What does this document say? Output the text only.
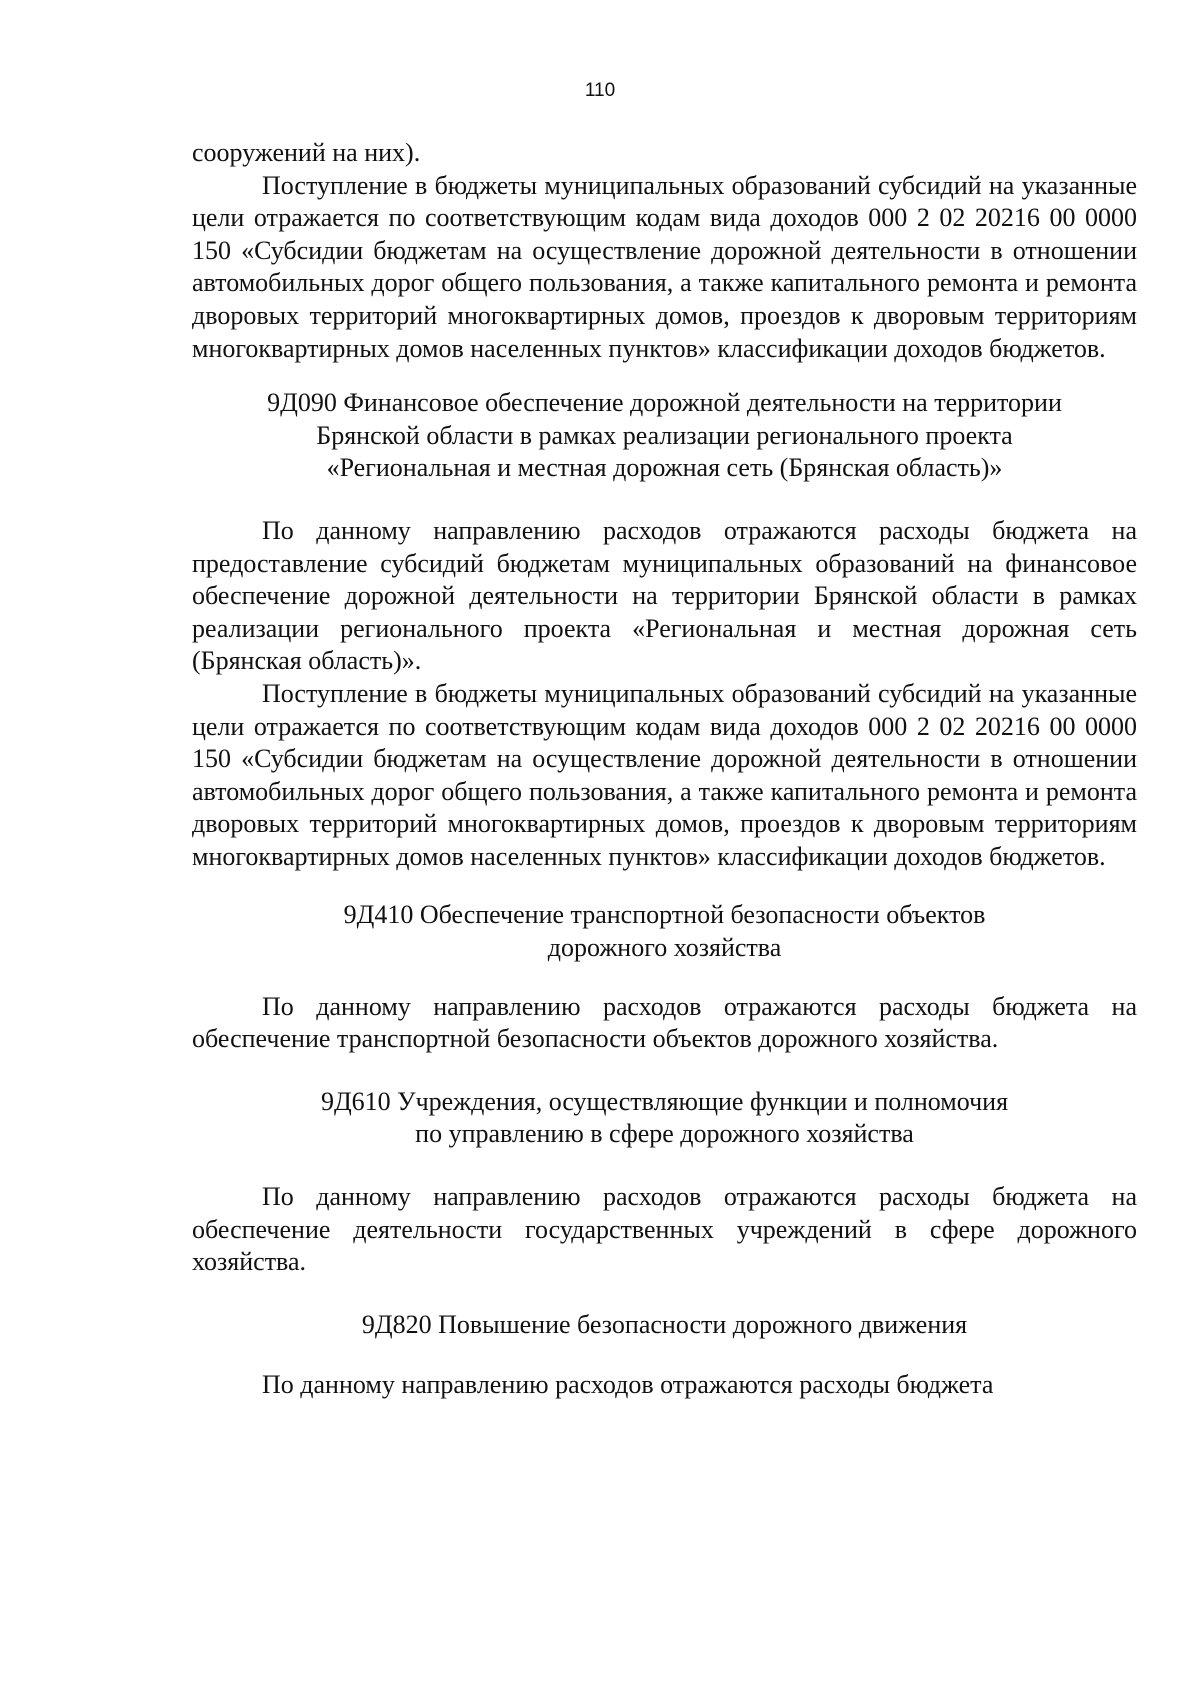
110

сооружений на них).

Поступление в бюджеты муниципальных образований субсидий на указанные цели отражается по соответствующим кодам вида доходов 000 2 02 20216 00 0000 150 «Субсидии бюджетам на осуществление дорожной деятельности в отношении автомобильных дорог общего пользования, а также капитального ремонта и ремонта дворовых территорий многоквартирных домов, проездов к дворовым территориям многоквартирных домов населенных пунктов» классификации доходов бюджетов.

9Д090 Финансовое обеспечение дорожной деятельности на территории
Брянской области в рамках реализации регионального проекта
«Региональная и местная дорожная сеть (Брянская область)»

По данному направлению расходов отражаются расходы бюджета на предоставление субсидий бюджетам муниципальных образований на финансовое обеспечение дорожной деятельности на территории Брянской области в рамках реализации регионального проекта «Региональная и местная дорожная сеть (Брянская область)».

Поступление в бюджеты муниципальных образований субсидий на указанные цели отражается по соответствующим кодам вида доходов 000 2 02 20216 00 0000 150 «Субсидии бюджетам на осуществление дорожной деятельности в отношении автомобильных дорог общего пользования, а также капитального ремонта и ремонта дворовых территорий многоквартирных домов, проездов к дворовым территориям многоквартирных домов населенных пунктов» классификации доходов бюджетов.

9Д410 Обеспечение транспортной безопасности объектов
дорожного хозяйства

По данному направлению расходов отражаются расходы бюджета на обеспечение транспортной безопасности объектов дорожного хозяйства.

9Д610 Учреждения, осуществляющие функции и полномочия
по управлению в сфере дорожного хозяйства

По данному направлению расходов отражаются расходы бюджета на обеспечение деятельности государственных учреждений в сфере дорожного хозяйства.

9Д820 Повышение безопасности дорожного движения

По данному направлению расходов отражаются расходы бюджета
